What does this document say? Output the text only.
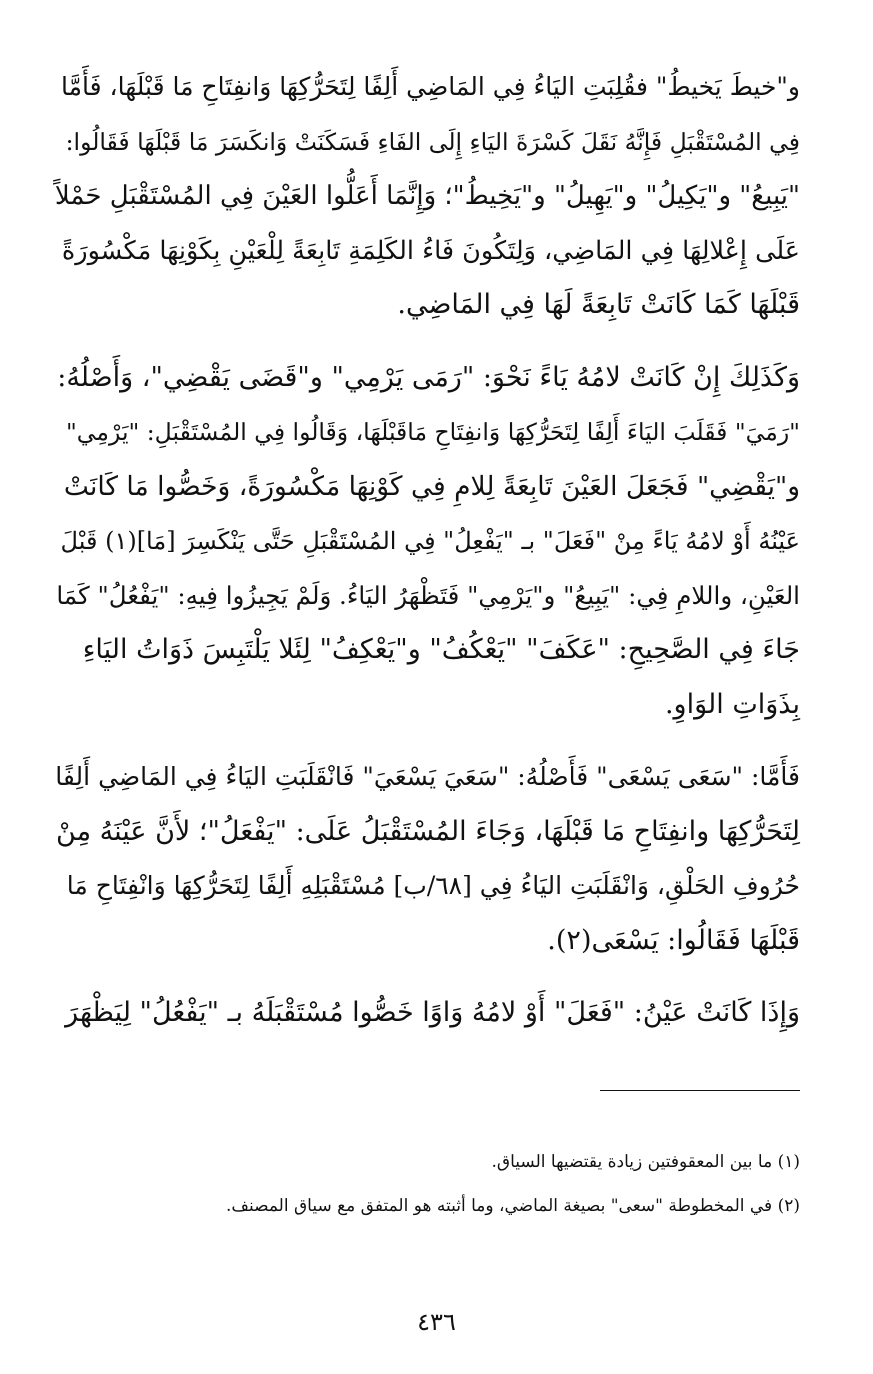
و"خيطَ يَخيطُ" فقُلِبَتِ اليَاءُ فِي المَاضِي أَلِفًا لِتَحَرُّكِهَا وَانفِتَاحِ مَا قَبْلَهَا، فَأَمَّا
فِي المُسْتَقْبَلِ فَإِنَّهُ نَقَلَ كَسْرَةَ اليَاءِ إِلَى الفَاءِ فَسَكَنَتْ وَانكَسَرَ مَا قَبْلَهَا فَقَالُوا:
"يَبِيعُ" و"يَكِيلُ" و"يَهِيلُ" و"يَخِيطُ"؛ وَإِنَّمَا أَعَلُّوا العَيْنَ فِي المُسْتَقْبَلِ حَمْلاً
عَلَى إِعْلالِهَا فِي المَاضِي، وَلِتَكُونَ فَاءُ الكَلِمَةِ تَابِعَةً لِلْعَيْنِ بِكَوْنِهَا مَكْسُورَةً
قَبْلَهَا كَمَا كَانَتْ تَابِعَةً لَهَا فِي المَاضِي.
وَكَذَلِكَ إِنْ كَانَتْ لامُهُ يَاءً نَحْوَ: "رَمَى يَرْمِي" و"قَضَى يَقْضِي"، وَأَصْلُهُ:
"رَمَيَ" فَقَلَبَ اليَاءَ أَلِفًا لِتَحَرُّكِهَا وَانفِتَاحِ مَاقَبْلَهَا، وَقَالُوا فِي المُسْتَقْبَلِ: "يَرْمِي"
و"يَقْضِي" فَجَعَلَ العَيْنَ تَابِعَةً لِلامِ فِي كَوْنِهَا مَكْسُورَةً، وَخَصُّوا مَا كَانَتْ
عَيْنُهُ أَوْ لامُهُ يَاءً مِنْ "فَعَلَ" بـ "يَفْعِلُ" فِي المُسْتَقْبَلِ حَتَّى يَنْكَسِرَ [مَا](١) قَبْلَ
العَيْنِ، واللامِ فِي: "يَبِيعُ" و"يَرْمِي" فَتَظْهَرُ اليَاءُ. وَلَمْ يَجِيزُوا فِيهِ: "يَفْعُلُ" كَمَا
جَاءَ فِي الصَّحِيحِ: "عَكَفَ" "يَعْكُفُ" و"يَعْكِفُ" لِئَلا يَلْتَبِسَ ذَوَاتُ اليَاءِ
بِذَوَاتِ الوَاوِ.
فَأَمَّا: "سَعَى يَسْعَى" فَأَصْلُهُ: "سَعَيَ يَسْعَيَ" فَانْقَلَبَتِ اليَاءُ فِي المَاضِي أَلِفًا
لِتَحَرُّكِهَا وانفِتَاحِ مَا قَبْلَهَا، وَجَاءَ المُسْتَقْبَلُ عَلَى: "يَفْعَلُ"؛ لأَنَّ عَيْنَهُ مِنْ
حُرُوفِ الحَلْقِ، وَانْقَلَبَتِ اليَاءُ فِي [٦٨/ب] مُسْتَقْبَلِهِ أَلِفًا لِتَحَرُّكِهَا وَانْفِتَاحِ مَا
قَبْلَهَا فَقَالُوا: يَسْعَى(٢).
وَإِذَا كَانَتْ عَيْنُ: "فَعَلَ" أَوْ لامُهُ وَاوًا خَصُّوا مُسْتَقْبَلَهُ بـ "يَفْعُلُ" لِيَظْهَرَ
(١) ما بين المعقوفتين زيادة يقتضيها السياق.
(٢) في المخطوطة "سعى" بصيغة الماضي، وما أثبته هو المتفق مع سياق المصنف.
٤٣٦
